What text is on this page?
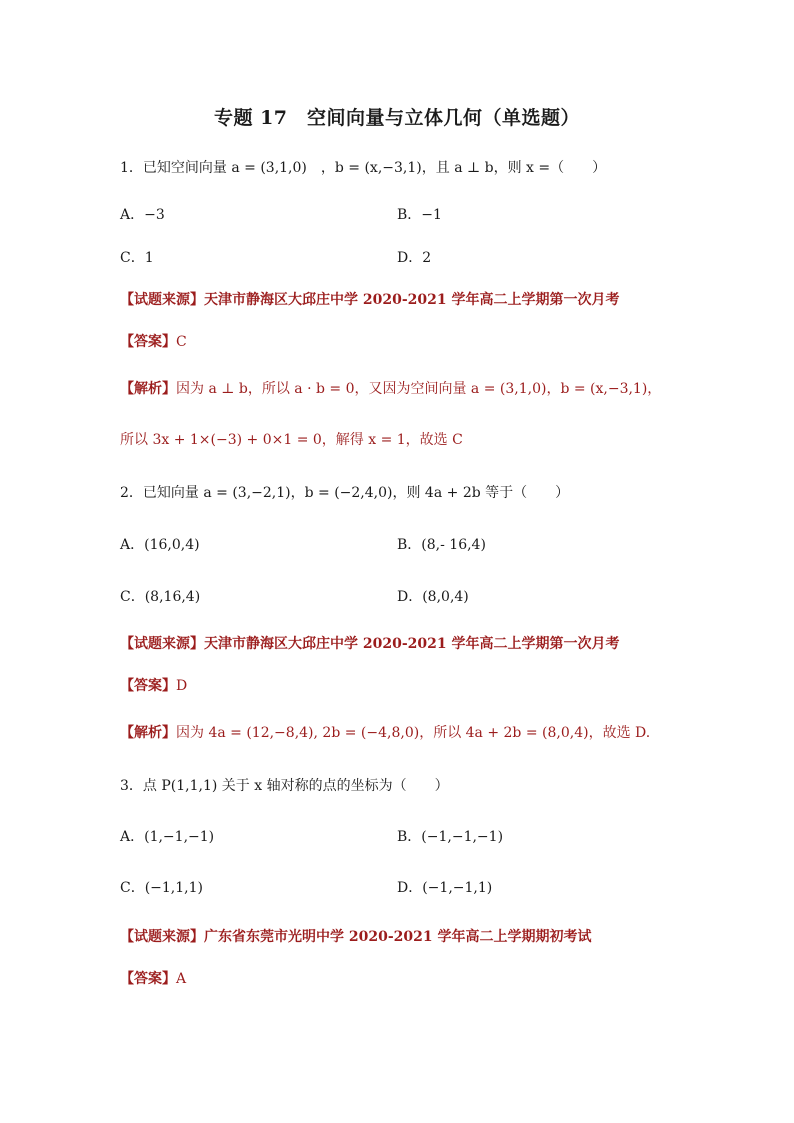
专题 17　空间向量与立体几何（单选题）
1．已知空间向量 a = (3,1,0)　，b = (x,−3,1)，且 a ⊥ b，则 x =（　　）
A．−3	B．−1
C．1	D．2
【试题来源】天津市静海区大邱庄中学 2020-2021 学年高二上学期第一次月考
【答案】C
【解析】因为 a ⊥ b，所以 a · b = 0，又因为空间向量 a = (3,1,0)，b = (x,−3,1)，
所以 3x + 1×(−3) + 0×1 = 0，解得 x = 1，故选 C
2．已知向量 a = (3,−2,1)，b = (−2,4,0)，则 4a + 2b 等于（　　）
A．(16,0,4)	B．(8,- 16,4)
C．(8,16,4)	D．(8,0,4)
【试题来源】天津市静海区大邱庄中学 2020-2021 学年高二上学期第一次月考
【答案】D
【解析】因为 4a = (12,−8,4), 2b = (−4,8,0)，所以 4a + 2b = (8,0,4)，故选 D.
3．点 P(1,1,1) 关于 x 轴对称的点的坐标为（　　）
A．(1,−1,−1)	B．(−1,−1,−1)
C．(−1,1,1)	D．(−1,−1,1)
【试题来源】广东省东莞市光明中学 2020-2021 学年高二上学期期初考试
【答案】A
